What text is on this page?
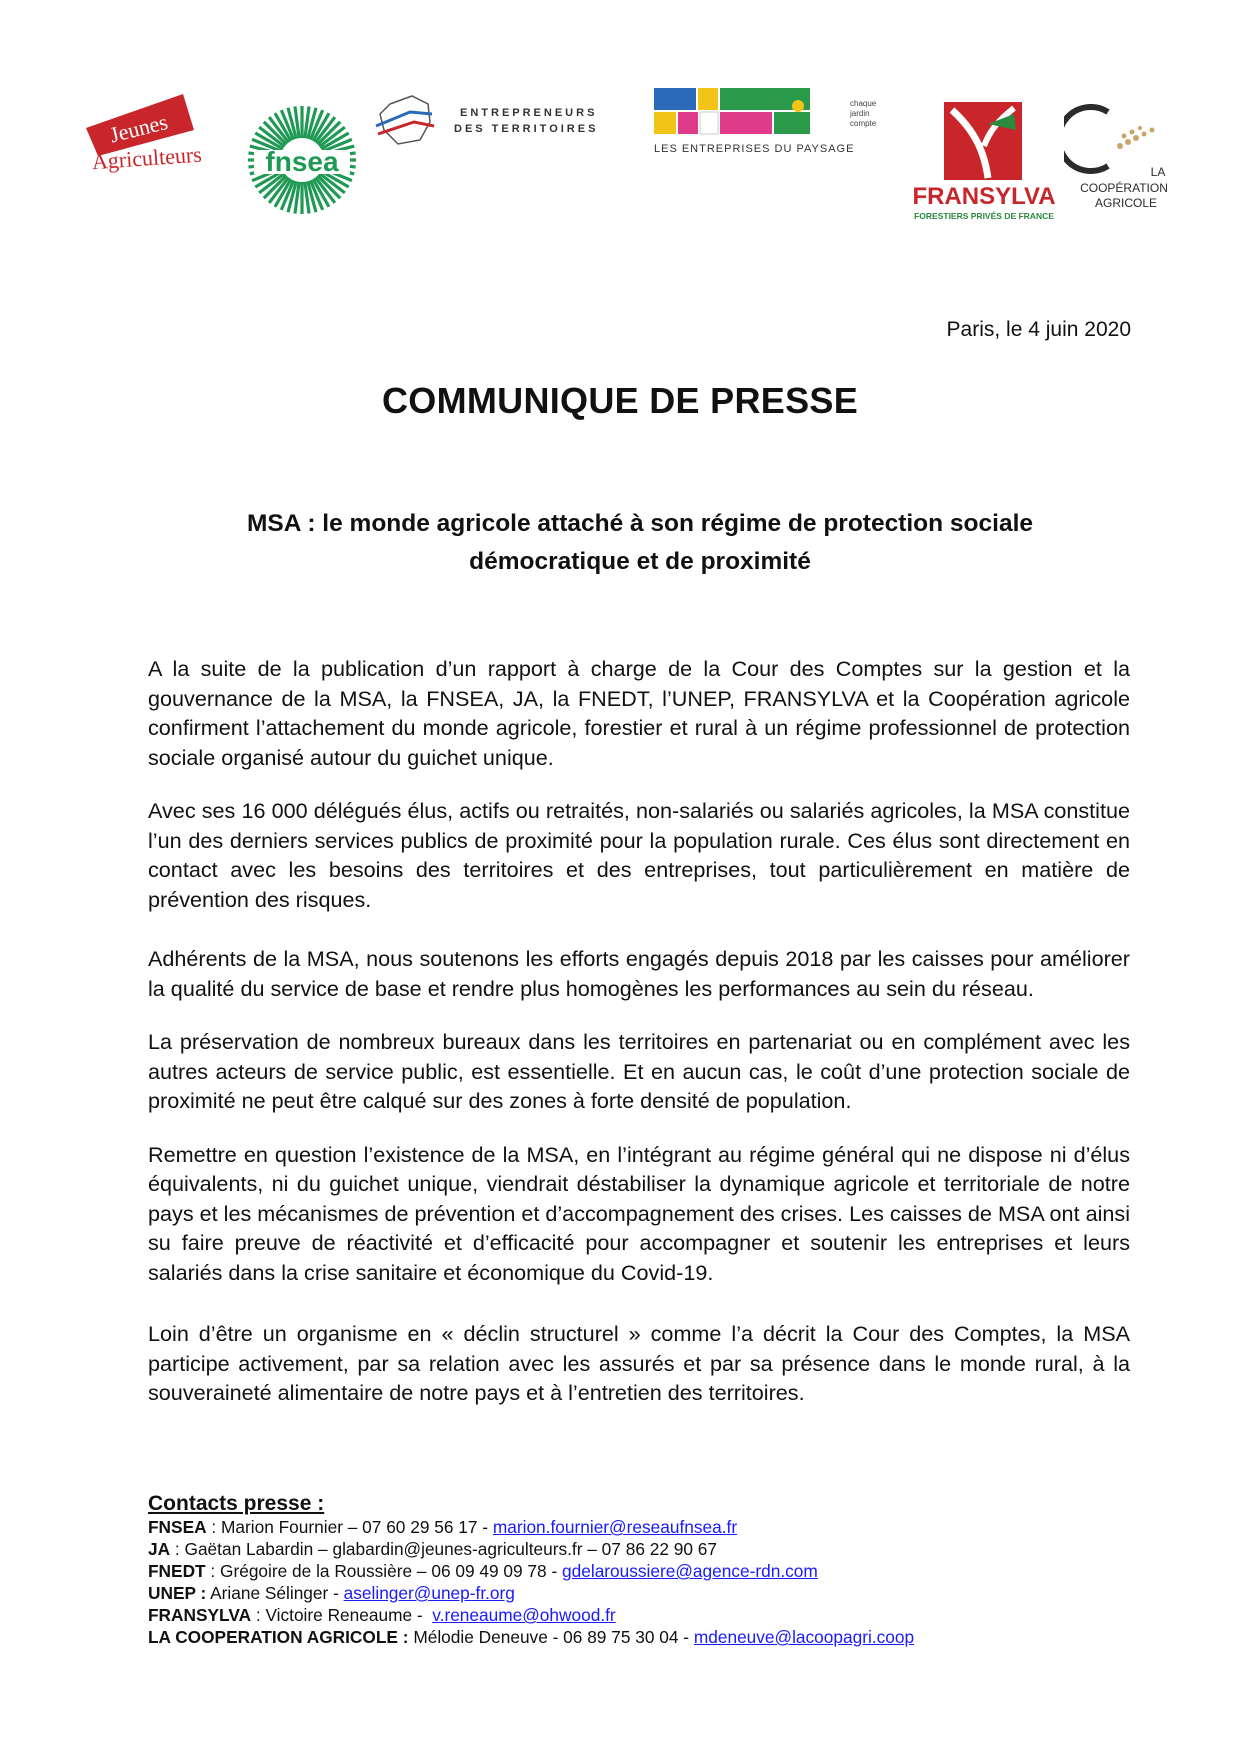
Jeunes
Agriculteurs fnsea
ENTREPRENEURS
DES TERRITOIRES
LES ENTREPRISES DU PAYSAGE
chaque
jardin
compte
FRANSYLVA
FORESTIERS PRIVÉS DE FRANCE
LA
COOPÉRATION
AGRICOLE
Paris, le 4 juin 2020
COMMUNIQUE DE PRESSE
MSA : le monde agricole attaché à son régime de protection sociale
démocratique et de proximité

A la suite de la publication d’un rapport à charge de la Cour des Comptes sur la gestion et la gouvernance de la MSA, la FNSEA, JA, la FNEDT, l’UNEP, FRANSYLVA et la Coopération agricole confirment l’attachement du monde agricole, forestier et rural à un régime professionnel de protection sociale organisé autour du guichet unique.

Avec ses 16 000 délégués élus, actifs ou retraités, non-salariés ou salariés agricoles, la MSA constitue l’un des derniers services publics de proximité pour la population rurale. Ces élus sont directement en contact avec les besoins des territoires et des entreprises, tout particulièrement en matière de prévention des risques.

Adhérents de la MSA, nous soutenons les efforts engagés depuis 2018 par les caisses pour améliorer la qualité du service de base et rendre plus homogènes les performances au sein du réseau.

La préservation de nombreux bureaux dans les territoires en partenariat ou en complément avec les autres acteurs de service public, est essentielle. Et en aucun cas, le coût d’une protection sociale de proximité ne peut être calqué sur des zones à forte densité de population.

Remettre en question l’existence de la MSA, en l’intégrant au régime général qui ne dispose ni d’élus équivalents, ni du guichet unique, viendrait déstabiliser la dynamique agricole et territoriale de notre pays et les mécanismes de prévention et d’accompagnement des crises. Les caisses de MSA ont ainsi su faire preuve de réactivité et d’efficacité pour accompagner et soutenir les entreprises et leurs salariés dans la crise sanitaire et économique du Covid-19.

Loin d’être un organisme en « déclin structurel » comme l’a décrit la Cour des Comptes, la MSA participe activement, par sa relation avec les assurés et par sa présence dans le monde rural, à la souveraineté alimentaire de notre pays et à l’entretien des territoires.

Contacts presse :
FNSEA : Marion Fournier – 07 60 29 56 17 - marion.fournier@reseaufnsea.fr
JA : Gaëtan Labardin – glabardin@jeunes-agriculteurs.fr – 07 86 22 90 67
FNEDT : Grégoire de la Roussière – 06 09 49 09 78 - gdelaroussiere@agence-rdn.com
UNEP : Ariane Sélinger - aselinger@unep-fr.org
FRANSYLVA : Victoire Reneaume -  v.reneaume@ohwood.fr
LA COOPERATION AGRICOLE : Mélodie Deneuve - 06 89 75 30 04 - mdeneuve@lacoopagri.coop
